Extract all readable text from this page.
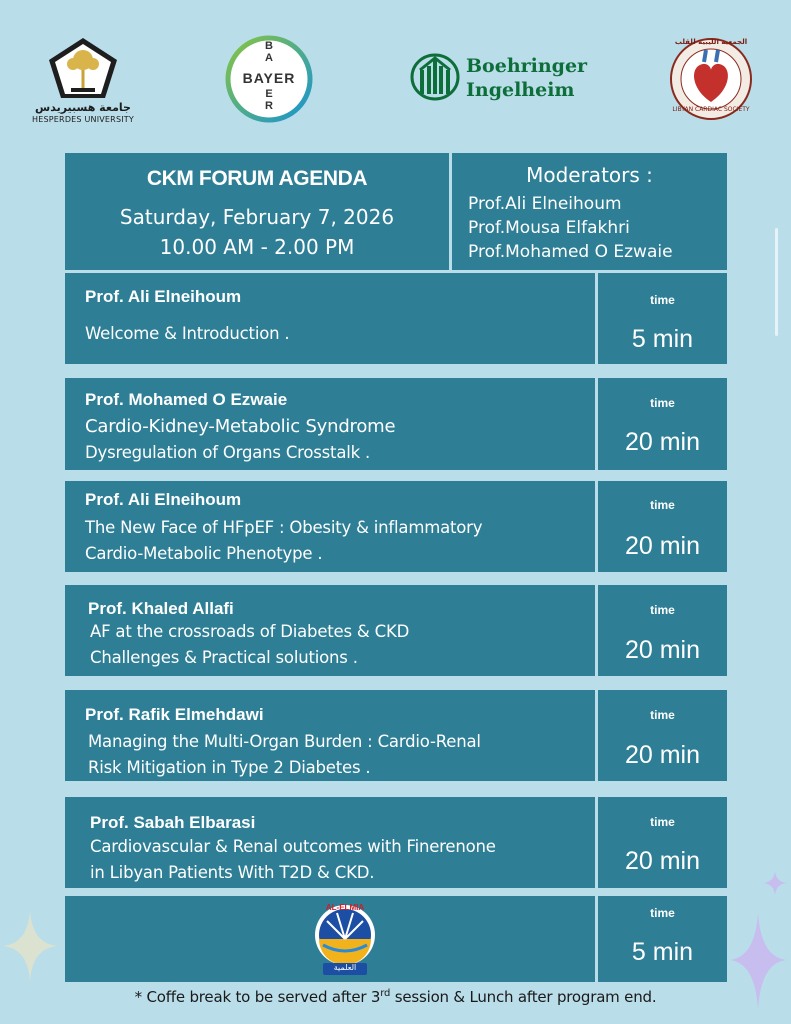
جامعة هسبيريدس
HESPERDES UNIVERSITY
BAYER
B
A

E
R
Boehringer
Ingelheim
الجمعية الليبية للقلب
LIBYAN CARDIAC SOCIETY
CKM FORUM AGENDA
Saturday, February 7, 2026
10.00 AM - 2.00 PM
Moderators :
Prof.Ali Elneihoum
Prof.Mousa Elfakhri
Prof.Mohamed O Ezwaie
Prof. Ali Elneihoum
Welcome & Introduction .
time
5 min
Prof. Mohamed O Ezwaie
Cardio-Kidney-Metabolic Syndrome
Dysregulation of Organs Crosstalk .
time
20 min
Prof. Ali Elneihoum
The New Face of HFpEF : Obesity & inflammatory
Cardio-Metabolic Phenotype .
time
20 min
Prof. Khaled Allafi
AF at the crossroads of Diabetes & CKD
Challenges & Practical solutions .
time
20 min
Prof. Rafik Elmehdawi
Managing the Multi-Organ Burden : Cardio-Renal
Risk Mitigation in Type 2 Diabetes .
time
20 min
Prof. Sabah Elbarasi
Cardiovascular & Renal outcomes with Finerenone
in Libyan Patients With T2D & CKD.
time
20 min
AL-ELMIA
العلمية
time
5 min
* Coffe break to be served after 3rd session & Lunch after program end.
